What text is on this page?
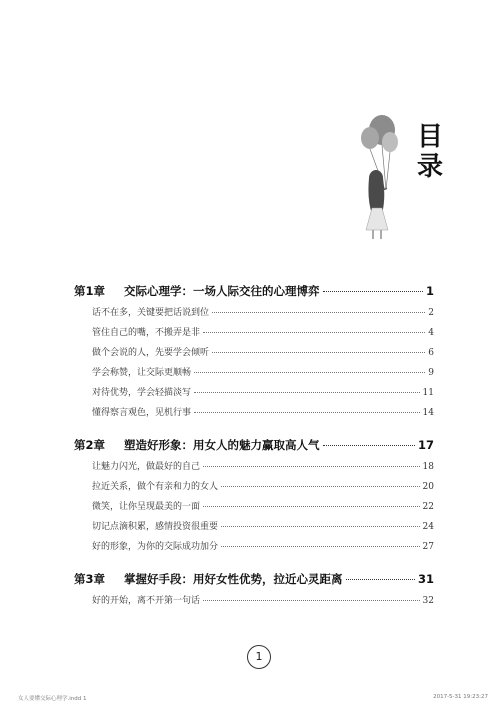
目
录
第1章	交际心理学：一场人际交往的心理博弈	1
话不在多，关键要把话说到位	2
管住自己的嘴，不搬弄是非	4
做个会说的人，先要学会倾听	6
学会称赞，让交际更顺畅	9
对待优势，学会轻描淡写	11
懂得察言观色，见机行事	14
第2章	塑造好形象：用女人的魅力赢取高人气	17
让魅力闪光，做最好的自己	18
拉近关系，做个有亲和力的女人	20
微笑，让你呈现最美的一面	22
切记点滴积累，感情投资很重要	24
好的形象，为你的交际成功加分	27
第3章	掌握好手段：用好女性优势，拉近心灵距离	31
好的开始，离不开第一句话	32
1
女人要懂交际心理学.indd 1	2017-5-31 19:23:27
